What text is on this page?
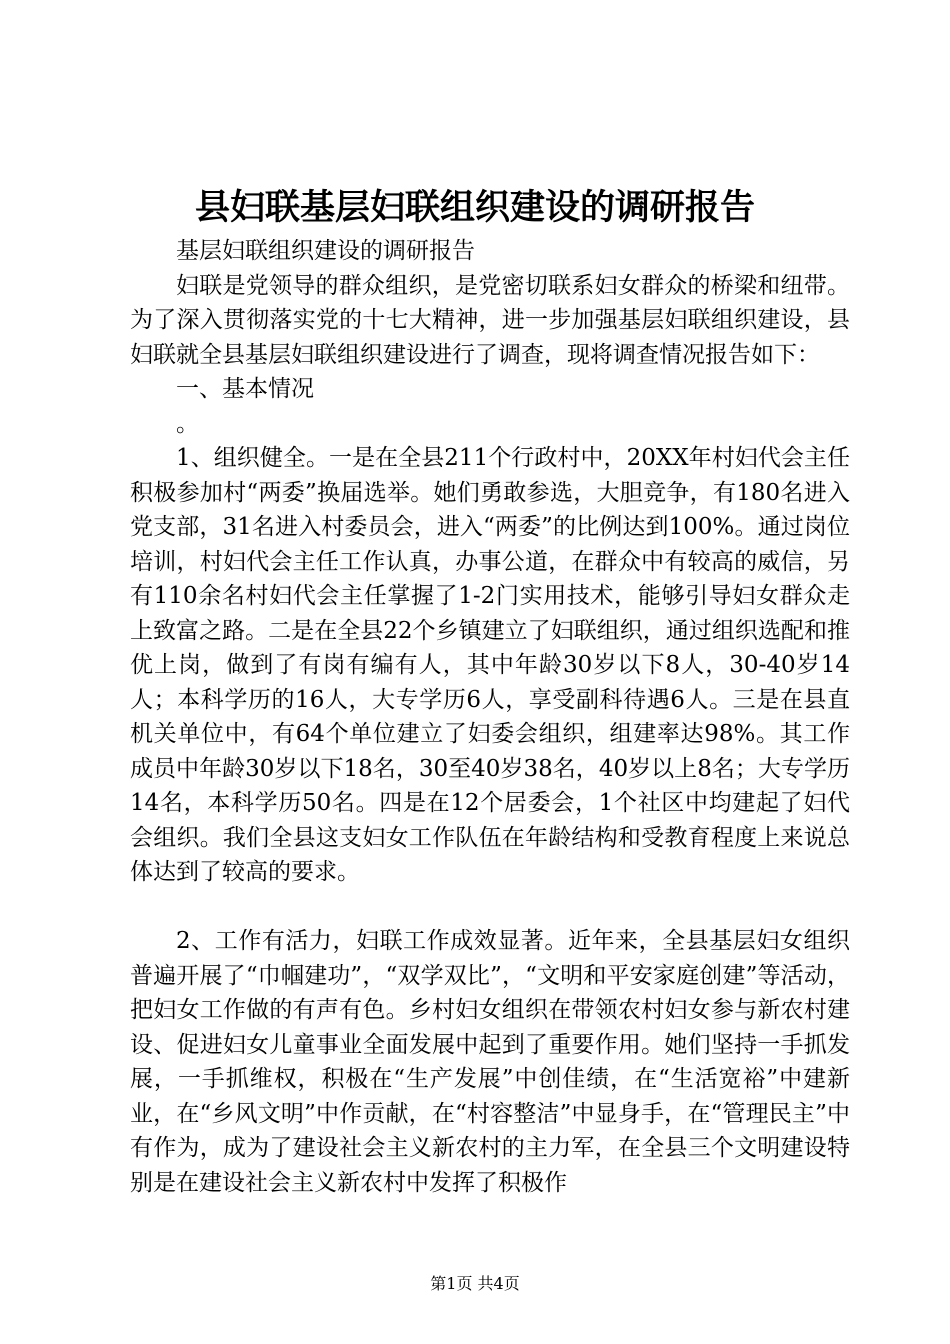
县妇联基层妇联组织建设的调研报告

基层妇联组织建设的调研报告

妇联是党领导的群众组织，是党密切联系妇女群众的桥梁和纽带。为了深入贯彻落实党的十七大精神，进一步加强基层妇联组织建设，县妇联就全县基层妇联组织建设进行了调查，现将调查情况报告如下：

一、基本情况

。

1、组织健全。一是在全县211个行政村中，20XX年村妇代会主任积极参加村“两委”换届选举。她们勇敢参选，大胆竞争，有180名进入党支部，31名进入村委员会，进入“两委”的比例达到100%。通过岗位培训，村妇代会主任工作认真，办事公道，在群众中有较高的威信，另有110余名村妇代会主任掌握了1-2门实用技术，能够引导妇女群众走上致富之路。二是在全县22个乡镇建立了妇联组织，通过组织选配和推优上岗，做到了有岗有编有人，其中年龄30岁以下8人，30-40岁14人；本科学历的16人，大专学历6人，享受副科待遇6人。三是在县直机关单位中，有64个单位建立了妇委会组织，组建率达98%。其工作成员中年龄30岁以下18名，30至40岁38名，40岁以上8名；大专学历14名，本科学历50名。四是在12个居委会，1个社区中均建起了妇代会组织。我们全县这支妇女工作队伍在年龄结构和受教育程度上来说总体达到了较高的要求。

2、工作有活力，妇联工作成效显著。近年来，全县基层妇女组织普遍开展了“巾帼建功”，“双学双比”，“文明和平安家庭创建”等活动，把妇女工作做的有声有色。乡村妇女组织在带领农村妇女参与新农村建设、促进妇女儿童事业全面发展中起到了重要作用。她们坚持一手抓发展，一手抓维权，积极在“生产发展”中创佳绩，在“生活宽裕”中建新业，在“乡风文明”中作贡献，在“村容整洁”中显身手，在“管理民主”中有作为，成为了建设社会主义新农村的主力军，在全县三个文明建设特别是在建设社会主义新农村中发挥了积极作

第1页 共4页
